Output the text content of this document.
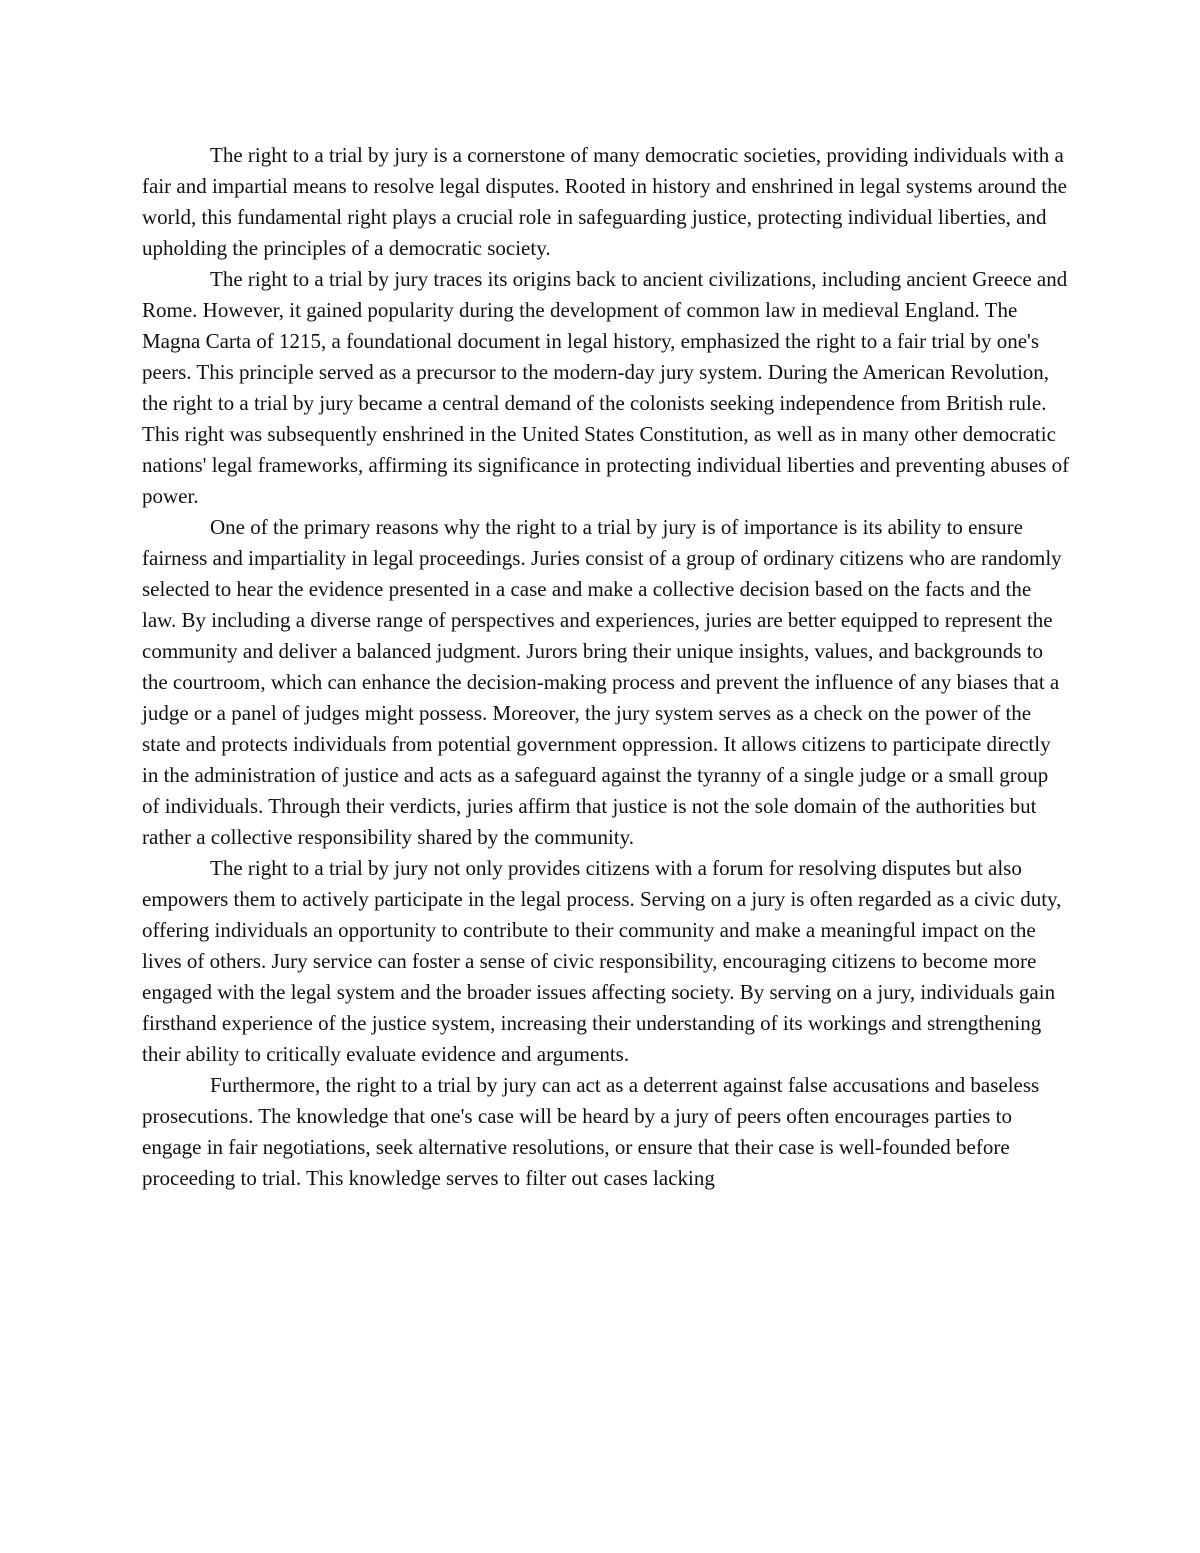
The right to a trial by jury is a cornerstone of many democratic societies, providing individuals with a fair and impartial means to resolve legal disputes. Rooted in history and enshrined in legal systems around the world, this fundamental right plays a crucial role in safeguarding justice, protecting individual liberties, and upholding the principles of a democratic society.

The right to a trial by jury traces its origins back to ancient civilizations, including ancient Greece and Rome. However, it gained popularity during the development of common law in medieval England. The Magna Carta of 1215, a foundational document in legal history, emphasized the right to a fair trial by one's peers. This principle served as a precursor to the modern-day jury system. During the American Revolution, the right to a trial by jury became a central demand of the colonists seeking independence from British rule. This right was subsequently enshrined in the United States Constitution, as well as in many other democratic nations' legal frameworks, affirming its significance in protecting individual liberties and preventing abuses of power.

One of the primary reasons why the right to a trial by jury is of importance is its ability to ensure fairness and impartiality in legal proceedings. Juries consist of a group of ordinary citizens who are randomly selected to hear the evidence presented in a case and make a collective decision based on the facts and the law. By including a diverse range of perspectives and experiences, juries are better equipped to represent the community and deliver a balanced judgment. Jurors bring their unique insights, values, and backgrounds to the courtroom, which can enhance the decision-making process and prevent the influence of any biases that a judge or a panel of judges might possess. Moreover, the jury system serves as a check on the power of the state and protects individuals from potential government oppression. It allows citizens to participate directly in the administration of justice and acts as a safeguard against the tyranny of a single judge or a small group of individuals. Through their verdicts, juries affirm that justice is not the sole domain of the authorities but rather a collective responsibility shared by the community.

The right to a trial by jury not only provides citizens with a forum for resolving disputes but also empowers them to actively participate in the legal process. Serving on a jury is often regarded as a civic duty, offering individuals an opportunity to contribute to their community and make a meaningful impact on the lives of others. Jury service can foster a sense of civic responsibility, encouraging citizens to become more engaged with the legal system and the broader issues affecting society. By serving on a jury, individuals gain firsthand experience of the justice system, increasing their understanding of its workings and strengthening their ability to critically evaluate evidence and arguments.

Furthermore, the right to a trial by jury can act as a deterrent against false accusations and baseless prosecutions. The knowledge that one's case will be heard by a jury of peers often encourages parties to engage in fair negotiations, seek alternative resolutions, or ensure that their case is well-founded before proceeding to trial. This knowledge serves to filter out cases lacking
